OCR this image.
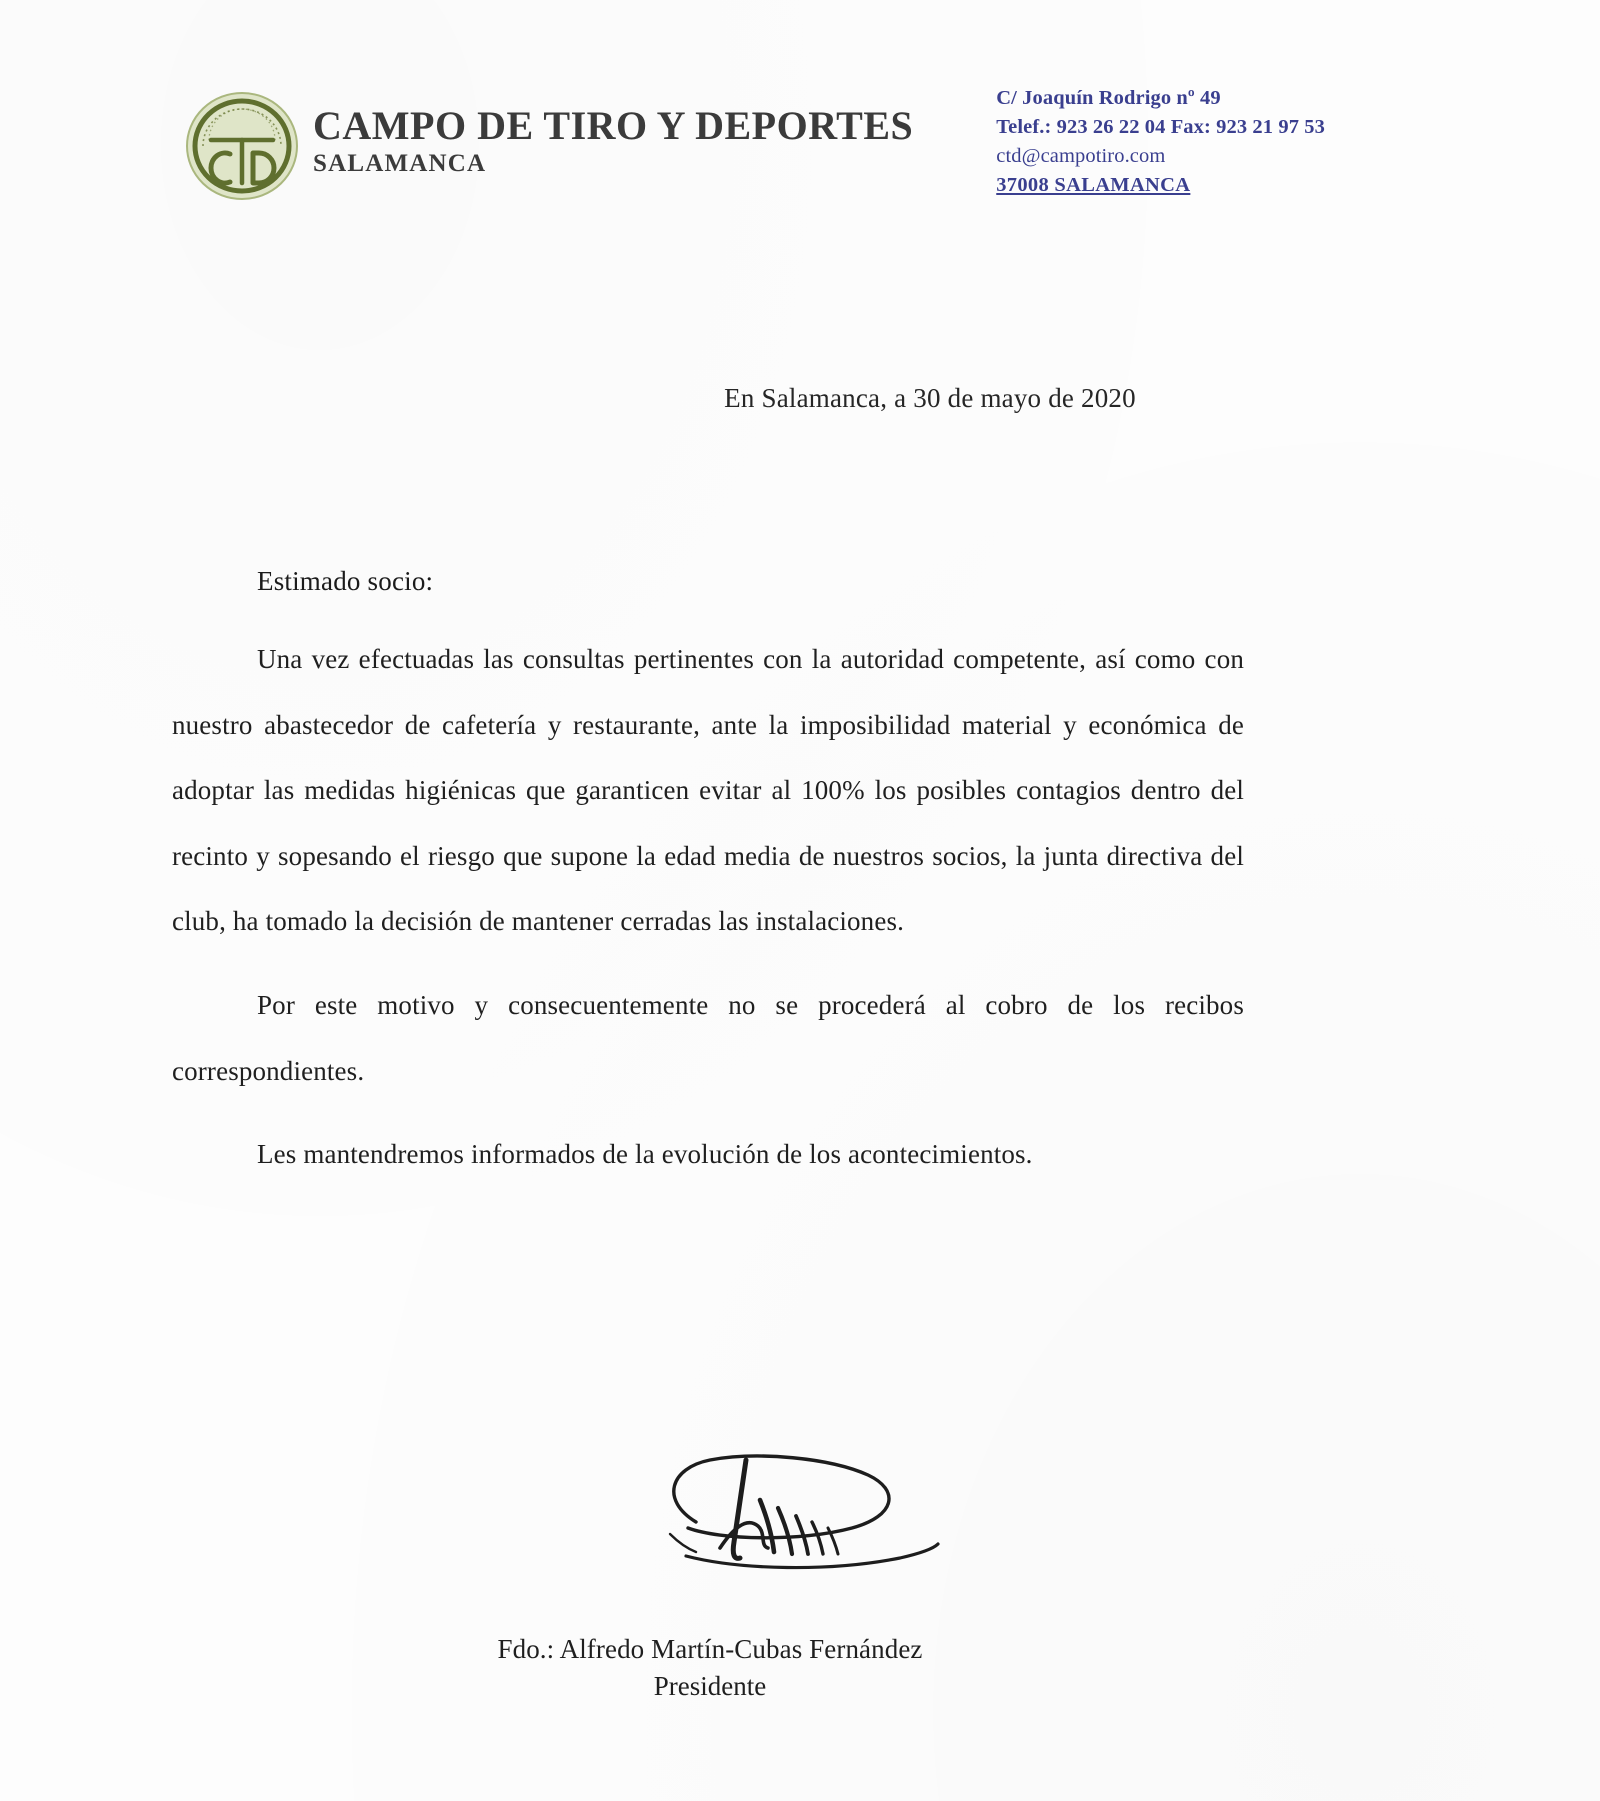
CAMPO DE TIRO Y DEPORTES
SALAMANCA
C/ Joaquín Rodrigo nº 49
Telef.: 923 26 22 04 Fax: 923 21 97 53
ctd@campotiro.com
37008 SALAMANCA
En Salamanca, a 30 de mayo de 2020
Estimado socio:

Una vez efectuadas las consultas pertinentes con la autoridad competente, así como con nuestro abastecedor de cafetería y restaurante, ante la imposibilidad material y económica de adoptar las medidas higiénicas que garanticen evitar al 100% los posibles contagios dentro del recinto y sopesando el riesgo que supone la edad media de nuestros socios, la junta directiva del club, ha tomado la decisión de mantener cerradas las instalaciones.

Por este motivo y consecuentemente no se procederá al cobro de los recibos correspondientes.

Les mantendremos informados de la evolución de los acontecimientos.

Fdo.: Alfredo Martín-Cubas Fernández
Presidente
